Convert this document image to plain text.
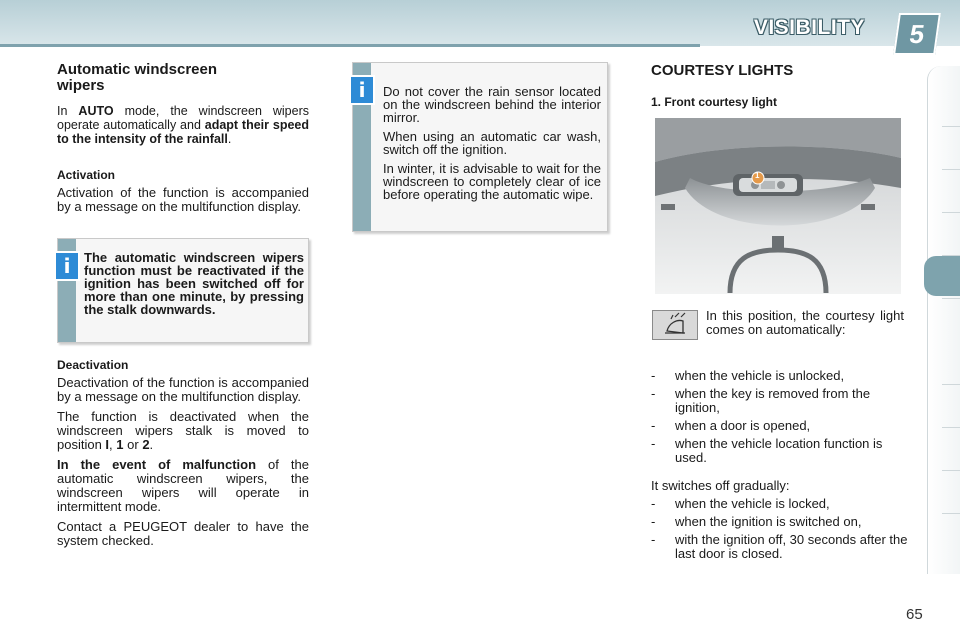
VISIBILITY	5
Automatic windscreen wipers

In AUTO mode, the windscreen wipers operate automatically and adapt their speed to the intensity of the rainfall.

Activation

Activation of the function is accompanied by a message on the multifunction display.

i	The automatic windscreen wipers function must be reactivated if the ignition has been switched off for more than one minute, by pressing the stalk downwards.

Deactivation

Deactivation of the function is accompanied by a message on the multifunction display.

The function is deactivated when the windscreen wipers stalk is moved to position I, 1 or 2.

In the event of malfunction of the automatic windscreen wipers, the windscreen wipers will operate in intermittent mode.

Contact a PEUGEOT dealer to have the system checked.

i	Do not cover the rain sensor located on the windscreen behind the interior mirror.

When using an automatic car wash, switch off the ignition.

In winter, it is advisable to wait for the windscreen to completely clear of ice before operating the automatic wipe.

COURTESY LIGHTS
1. Front courtesy light
1

In this position, the courtesy light comes on automatically:

- when the vehicle is unlocked,
- when the key is removed from the ignition,
- when a door is opened,
- when the vehicle location function is used.

It switches off gradually:

- when the vehicle is locked,
- when the ignition is switched on,
- with the ignition off, 30 seconds after the last door is closed.
65
